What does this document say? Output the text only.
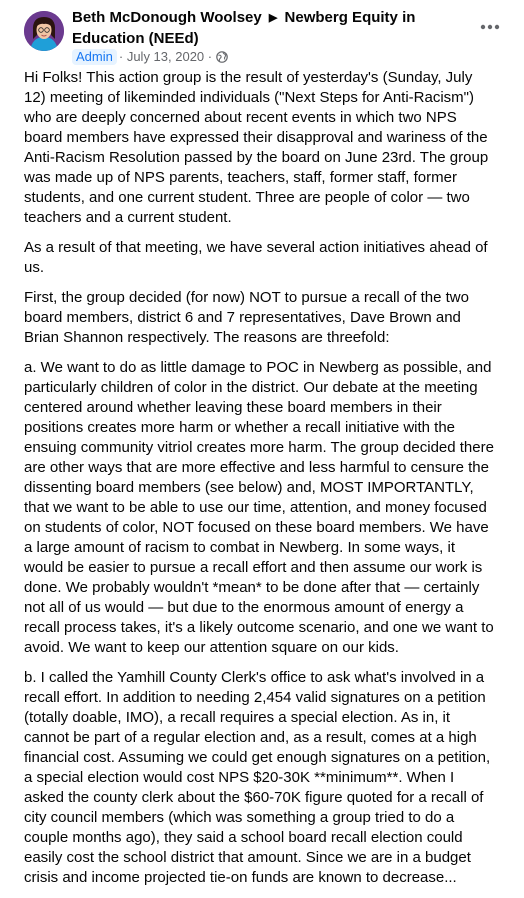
Beth McDonough Woolsey ▶ Newberg Equity in Education (NEEd)
Admin ·
July 13, 2020
·

Hi Folks! This action group is the result of yesterday's (Sunday, July 12) meeting of likeminded individuals ("Next Steps for Anti-Racism") who are deeply concerned about recent events in which two NPS board members have expressed their disapproval and wariness of the Anti-Racism Resolution passed by the board on June 23rd. The group was made up of NPS parents, teachers, staff, former staff, former students, and one current student. Three are people of color — two teachers and a current student.

As a result of that meeting, we have several action initiatives ahead of us.

First, the group decided (for now) NOT to pursue a recall of the two board members, district 6 and 7 representatives, Dave Brown and Brian Shannon respectively. The reasons are threefold:

a. We want to do as little damage to POC in Newberg as possible, and particularly children of color in the district. Our debate at the meeting centered around whether leaving these board members in their positions creates more harm or whether a recall initiative with the ensuing community vitriol creates more harm. The group decided there are other ways that are more effective and less harmful to censure the dissenting board members (see below) and, MOST IMPORTANTLY, that we want to be able to use our time, attention, and money focused on students of color, NOT focused on these board members. We have a large amount of racism to combat in Newberg. In some ways, it would be easier to pursue a recall effort and then assume our work is done. We probably wouldn't *mean* to be done after that — certainly not all of us would — but due to the enormous amount of energy a recall process takes, it's a likely outcome scenario, and one we want to avoid. We want to keep our attention square on our kids.

b. I called the Yamhill County Clerk's office to ask what's involved in a recall effort. In addition to needing 2,454 valid signatures on a petition (totally doable, IMO), a recall requires a special election. As in, it cannot be part of a regular election and, as a result, comes at a high financial cost. Assuming we could get enough signatures on a petition, a special election would cost NPS $20-30K **minimum**. When I asked the county clerk about the $60-70K figure quoted for a recall of city council members (which was something a group tried to do a couple months ago), they said a school board recall election could easily cost the school district that amount. Since we are in a budget crisis and income projected tie-on funds are known to decrease...
